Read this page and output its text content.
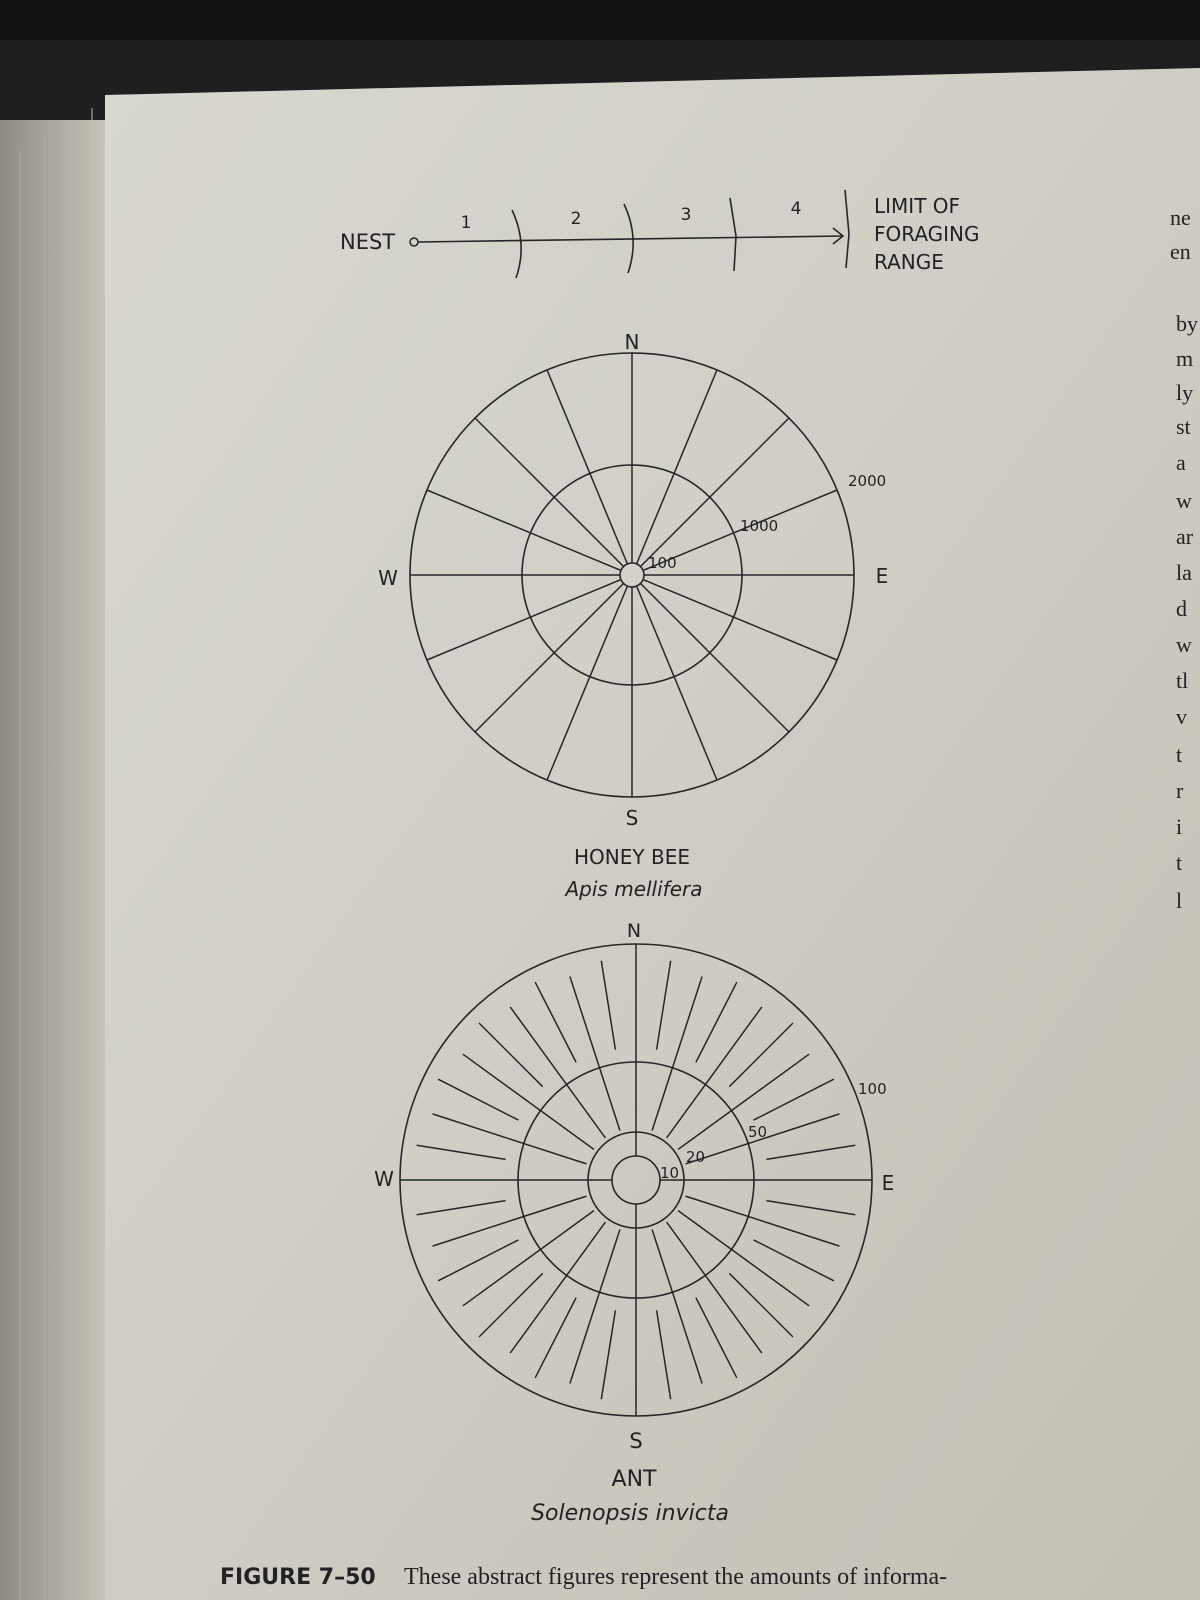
NEST
1	2	3	4	LIMIT OF
FORAGING
RANGE
N
S
E
W
100
1000
2000
HONEY BEE
Apis mellifera
N
S
E
W	10
20
50
100
ANT
Solenopsis invicta
ne
en
by
m
ly
st
a
w
ar
la
d
w
tl
v
t
r
i
t
l
FIGURE 7–50 These abstract figures represent the amounts of informa-
